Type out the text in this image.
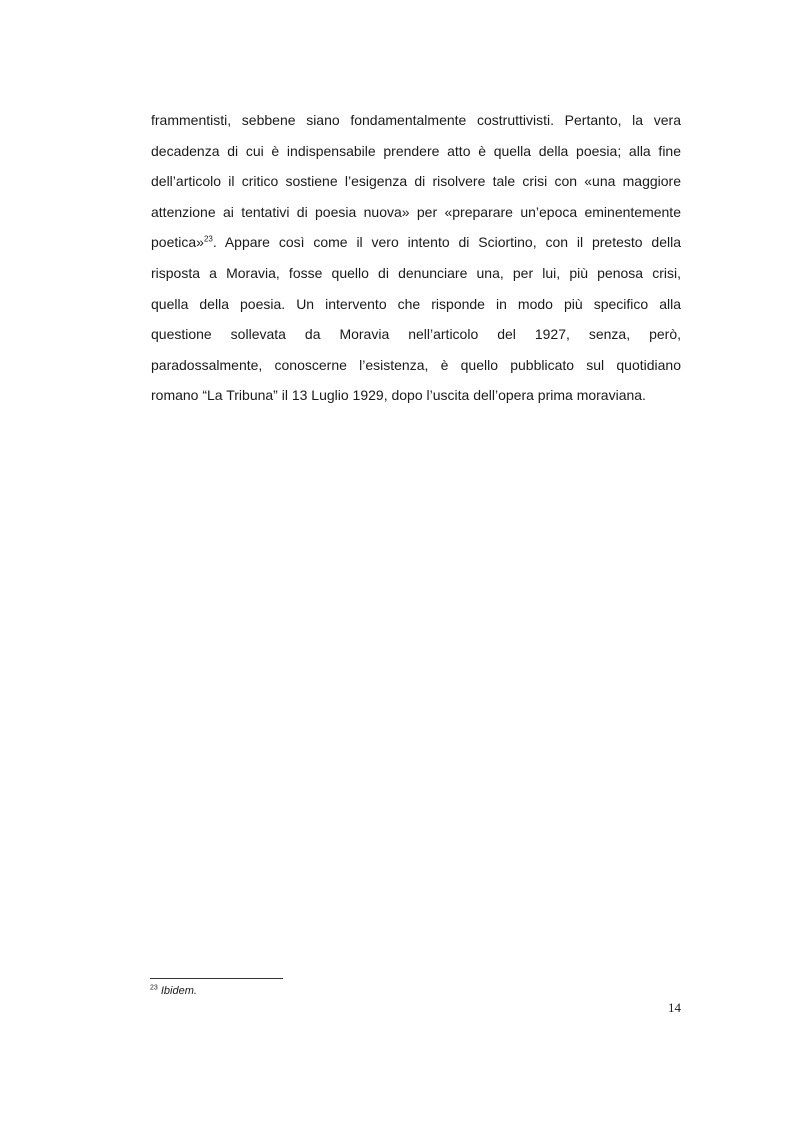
frammentisti, sebbene siano fondamentalmente costruttivisti. Pertanto, la vera
decadenza di cui è indispensabile prendere atto è quella della poesia; alla fine
dell’articolo il critico sostiene l’esigenza di risolvere tale crisi con «una maggiore
attenzione ai tentativi di poesia nuova» per «preparare un’epoca eminentemente
poetica»$^{23}$. Appare così come il vero intento di Sciortino, con il pretesto della
risposta a Moravia, fosse quello di denunciare una, per lui, più penosa crisi,
quella della poesia. Un intervento che risponde in modo più specifico alla
questione sollevata da Moravia nell’articolo del 1927, senza, però,
paradossalmente, conoscerne l’esistenza, è quello pubblicato sul quotidiano
romano “La Tribuna” il 13 Luglio 1929, dopo l’uscita dell’opera prima moraviana.
$^{23}$ Ibidem.
14
